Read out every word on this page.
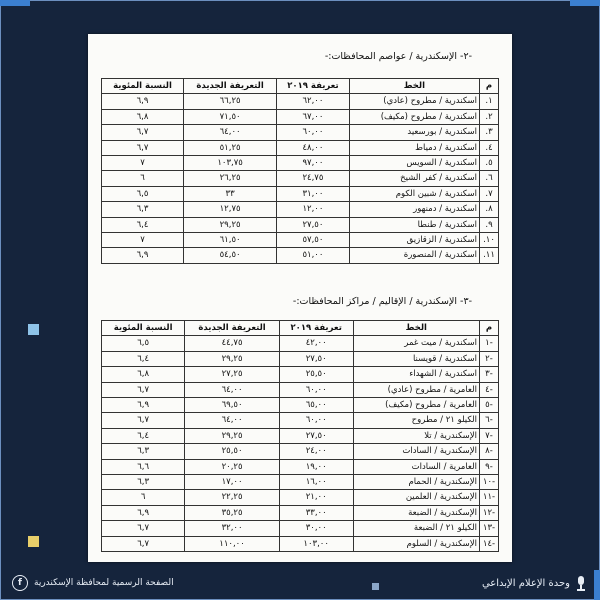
-٢- الإسكندرية / عواصم المحافظات:-
م	الخط	تعريفة ٢٠١٩	التعريفة الجديدة	النسبة المئوية
١.	اسكندرية / مطروح (عادي)	٦٢,٠٠	٦٦,٢٥	٦,٩
٢.	اسكندرية / مطروح (مكيف)	٦٧,٠٠	٧١,٥٠	٦,٨
٣.	اسكندرية / بورسعيد	٦٠,٠٠	٦٤,٠٠	٦,٧
٤.	اسكندرية / دمياط	٤٨,٠٠	٥١,٢٥	٦,٧
٥.	اسكندرية / السويس	٩٧,٠٠	١٠٣,٧٥	٧
٦.	اسكندرية / كفر الشيخ	٢٤,٧٥	٢٦,٢٥	٦
٧.	اسكندرية / شبين الكوم	٣١,٠٠	٣٣	٦,٥
٨.	اسكندرية / دمنهور	١٢,٠٠	١٢,٧٥	٦,٣
٩.	اسكندرية / طنطا	٢٧,٥٠	٢٩,٢٥	٦,٤
١٠.	اسكندرية / الزقازيق	٥٧,٥٠	٦١,٥٠	٧
١١.	اسكندرية / المنصورة	٥١,٠٠	٥٤,٥٠	٦,٩
-٣- الإسكندرية / الإقاليم / مراكز المحافظات:-
م	الخط	تعريفة ٢٠١٩	التعريفة الجديدة	النسبة المئوية
-١	اسكندرية / ميت غمر	٤٢,٠٠	٤٤,٧٥	٦,٥
-٢	اسكندرية / قويسنا	٢٧,٥٠	٢٩,٢٥	٦,٤
-٣	اسكندرية / الشهداء	٢٥,٥٠	٢٧,٢٥	٦,٨
-٤	العامرية / مطروح (عادي)	٦٠,٠٠	٦٤,٠٠	٦,٧
-٥	العامرية / مطروح (مكيف)	٦٥,٠٠	٦٩,٥٠	٦,٩
-٦	الكيلو ٢١ / مطروح	٦٠,٠٠	٦٤,٠٠	٦,٧
-٧	الإسكندرية / تلا	٢٧,٥٠	٢٩,٢٥	٦,٤
-٨	الإسكندرية / السادات	٢٤,٠٠	٢٥,٥٠	٦,٣
-٩	العامرية / السادات	١٩,٠٠	٢٠,٢٥	٦,٦
-١٠	الإسكندرية / الحمام	١٦,٠٠	١٧,٠٠	٦,٣
-١١	الإسكندرية / العلمين	٢١,٠٠	٢٢,٢٥	٦
-١٢	الإسكندرية / الضبعة	٣٣,٠٠	٣٥,٢٥	٦,٩
-١٣	الكيلو ٢١ / الضبعة	٣٠,٠٠	٣٢,٠٠	٦,٧
-١٤	الإسكندرية / السلوم	١٠٣,٠٠	١١٠,٠٠	٦,٧
الصفحة الرسمية لمحافظة الإسكندرية
f	وحدة الإعلام الإبداعي
